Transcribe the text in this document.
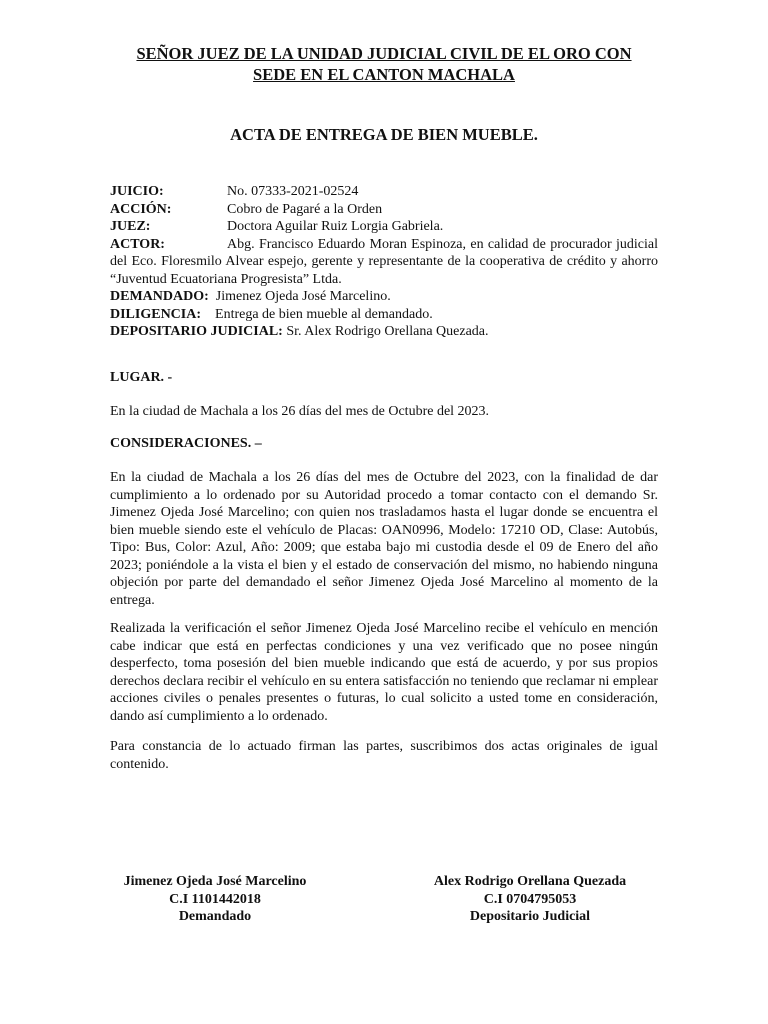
SEÑOR JUEZ DE LA UNIDAD JUDICIAL CIVIL DE EL ORO CON
SEDE EN EL CANTON MACHALA
ACTA DE ENTREGA DE BIEN MUEBLE.
JUICIO:	No. 07333-2021-02524
ACCIÓN:	Cobro de Pagaré a la Orden
JUEZ:	Doctora Aguilar Ruiz Lorgia Gabriela.
ACTOR:	Abg. Francisco Eduardo Moran Espinoza, en calidad de procurador judicial del Eco. Floresmilo Alvear espejo, gerente y representante de la cooperativa de crédito y ahorro “Juventud Ecuatoriana Progresista” Ltda.
DEMANDADO: Jimenez Ojeda José Marcelino.
DILIGENCIA: Entrega de bien mueble al demandado.
DEPOSITARIO JUDICIAL: Sr. Alex Rodrigo Orellana Quezada.
LUGAR. -
En la ciudad de Machala a los 26 días del mes de Octubre del 2023.
CONSIDERACIONES. –
En la ciudad de Machala a los 26 días del mes de Octubre del 2023, con la finalidad de dar cumplimiento a lo ordenado por su Autoridad procedo a tomar contacto con el demando Sr. Jimenez Ojeda José Marcelino; con quien nos trasladamos hasta el lugar donde se encuentra el bien mueble siendo este el vehículo de Placas: OAN0996, Modelo: 17210 OD, Clase: Autobús, Tipo: Bus, Color: Azul, Año: 2009; que estaba bajo mi custodia desde el 09 de Enero del año 2023; poniéndole a la vista el bien y el estado de conservación del mismo, no habiendo ninguna objeción por parte del demandado el señor Jimenez Ojeda José Marcelino al momento de la entrega.
Realizada la verificación el señor Jimenez Ojeda José Marcelino recibe el vehículo en mención cabe indicar que está en perfectas condiciones y una vez verificado que no posee ningún desperfecto, toma posesión del bien mueble indicando que está de acuerdo, y por sus propios derechos declara recibir el vehículo en su entera satisfacción no teniendo que reclamar ni emplear acciones civiles o penales presentes o futuras, lo cual solicito a usted tome en consideración, dando así cumplimiento a lo ordenado.
Para constancia de lo actuado firman las partes, suscribimos dos actas originales de igual contenido.
Jimenez Ojeda José Marcelino
C.I 1101442018
Demandado
Alex Rodrigo Orellana Quezada
C.I 0704795053
Depositario Judicial
